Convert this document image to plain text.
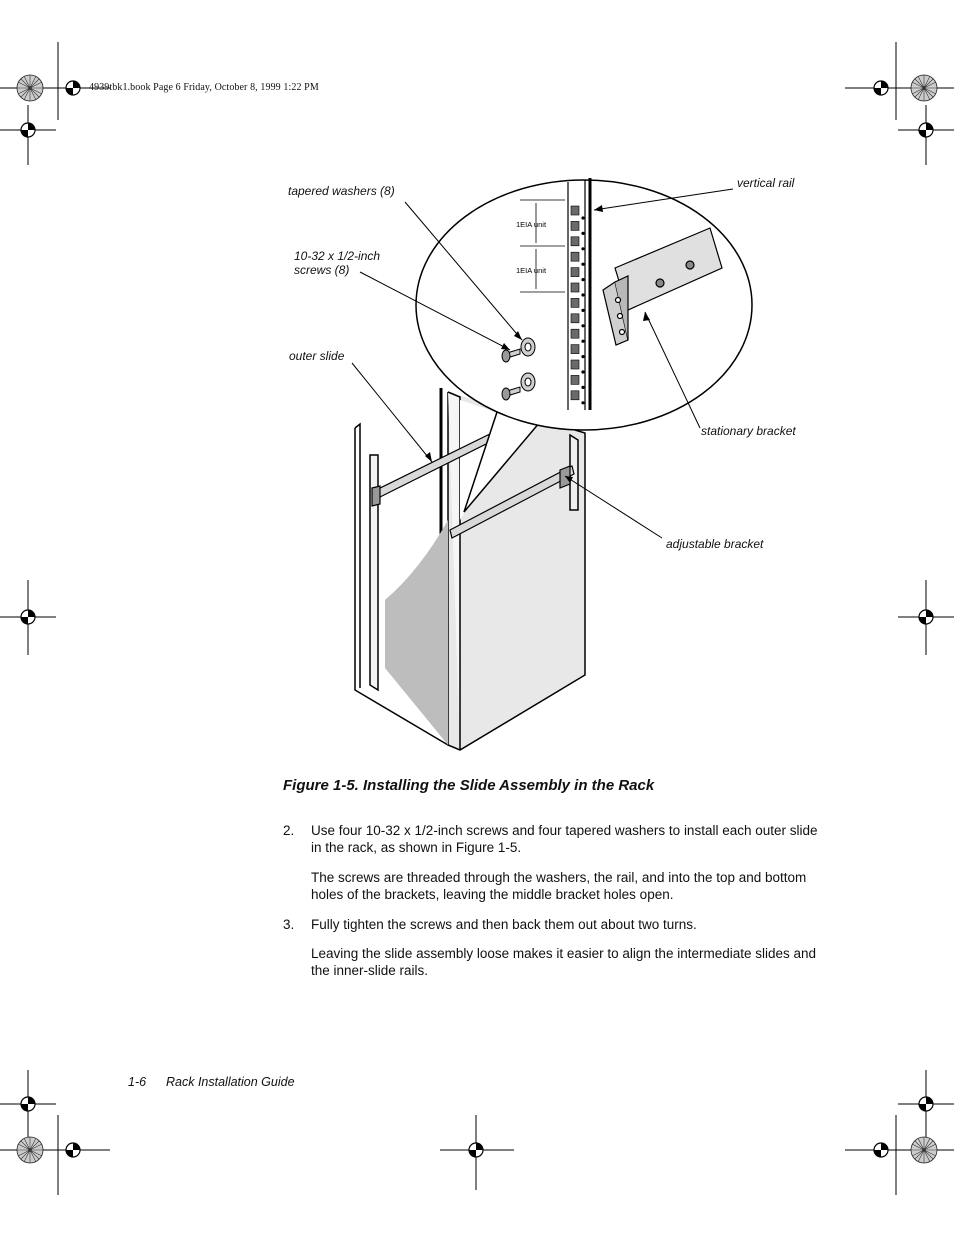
4939tbk1.book Page 6 Friday, October 8, 1999 1:22 PM
1EIA unit
1EIA unit
tapered washers (8)
10-32 x 1/2-inch
screws (8)
outer slide
vertical rail
stationary bracket
adjustable bracket
Figure 1-5. Installing the Slide Assembly in the Rack
2. Use four 10-32 x 1/2-inch screws and four tapered washers to install each outer slide in the rack, as shown in Figure 1-5.
The screws are threaded through the washers, the rail, and into the top and bottom holes of the brackets, leaving the middle bracket holes open.
3. Fully tighten the screws and then back them out about two turns.
Leaving the slide assembly loose makes it easier to align the intermediate slides and the inner-slide rails.
1-6 Rack Installation Guide
